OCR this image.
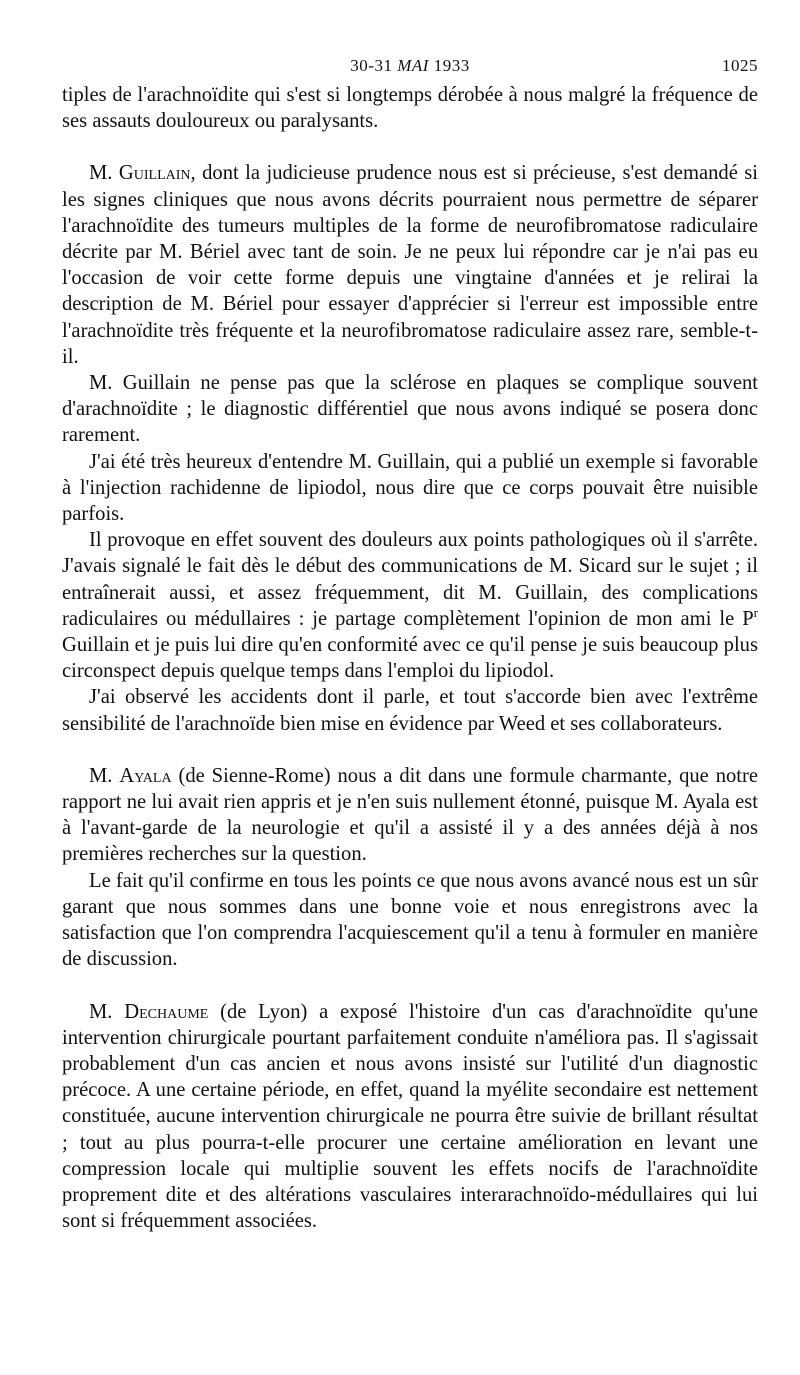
30-31 MAI 1933	1025

tiples de l'arachnoïdite qui s'est si longtemps dérobée à nous malgré la fréquence de ses assauts douloureux ou paralysants.

M. Guillain, dont la judicieuse prudence nous est si précieuse, s'est demandé si les signes cliniques que nous avons décrits pourraient nous permettre de séparer l'arachnoïdite des tumeurs multiples de la forme de neurofibromatose radiculaire décrite par M. Bériel avec tant de soin. Je ne peux lui répondre car je n'ai pas eu l'occasion de voir cette forme depuis une vingtaine d'années et je relirai la description de M. Bériel pour essayer d'apprécier si l'erreur est impossible entre l'arachnoïdite très fréquente et la neurofibromatose radiculaire assez rare, semble-t-il.

M. Guillain ne pense pas que la sclérose en plaques se complique souvent d'arachnoïdite ; le diagnostic différentiel que nous avons indiqué se posera donc rarement.

J'ai été très heureux d'entendre M. Guillain, qui a publié un exemple si favorable à l'injection rachidenne de lipiodol, nous dire que ce corps pouvait être nuisible parfois.

Il provoque en effet souvent des douleurs aux points pathologiques où il s'arrête. J'avais signalé le fait dès le début des communications de M. Sicard sur le sujet ; il entraînerait aussi, et assez fréquemment, dit M. Guillain, des complications radiculaires ou médullaires : je partage complètement l'opinion de mon ami le $P^r$ Guillain et je puis lui dire qu'en conformité avec ce qu'il pense je suis beaucoup plus circonspect depuis quelque temps dans l'emploi du lipiodol.

J'ai observé les accidents dont il parle, et tout s'accorde bien avec l'extrême sensibilité de l'arachnoïde bien mise en évidence par Weed et ses collaborateurs.

M. Ayala (de Sienne-Rome) nous a dit dans une formule charmante, que notre rapport ne lui avait rien appris et je n'en suis nullement étonné, puisque M. Ayala est à l'avant-garde de la neurologie et qu'il a assisté il y a des années déjà à nos premières recherches sur la question.

Le fait qu'il confirme en tous les points ce que nous avons avancé nous est un sûr garant que nous sommes dans une bonne voie et nous enregistrons avec la satisfaction que l'on comprendra l'acquiescement qu'il a tenu à formuler en manière de discussion.

M. Dechaume (de Lyon) a exposé l'histoire d'un cas d'arachnoïdite qu'une intervention chirurgicale pourtant parfaitement conduite n'améliora pas. Il s'agissait probablement d'un cas ancien et nous avons insisté sur l'utilité d'un diagnostic précoce. A une certaine période, en effet, quand la myélite secondaire est nettement constituée, aucune intervention chirurgicale ne pourra être suivie de brillant résultat ; tout au plus pourra-t-elle procurer une certaine amélioration en levant une compression locale qui multiplie souvent les effets nocifs de l'arachnoïdite proprement dite et des altérations vasculaires interarachnoïdo-médullaires qui lui sont si fréquemment associées.
